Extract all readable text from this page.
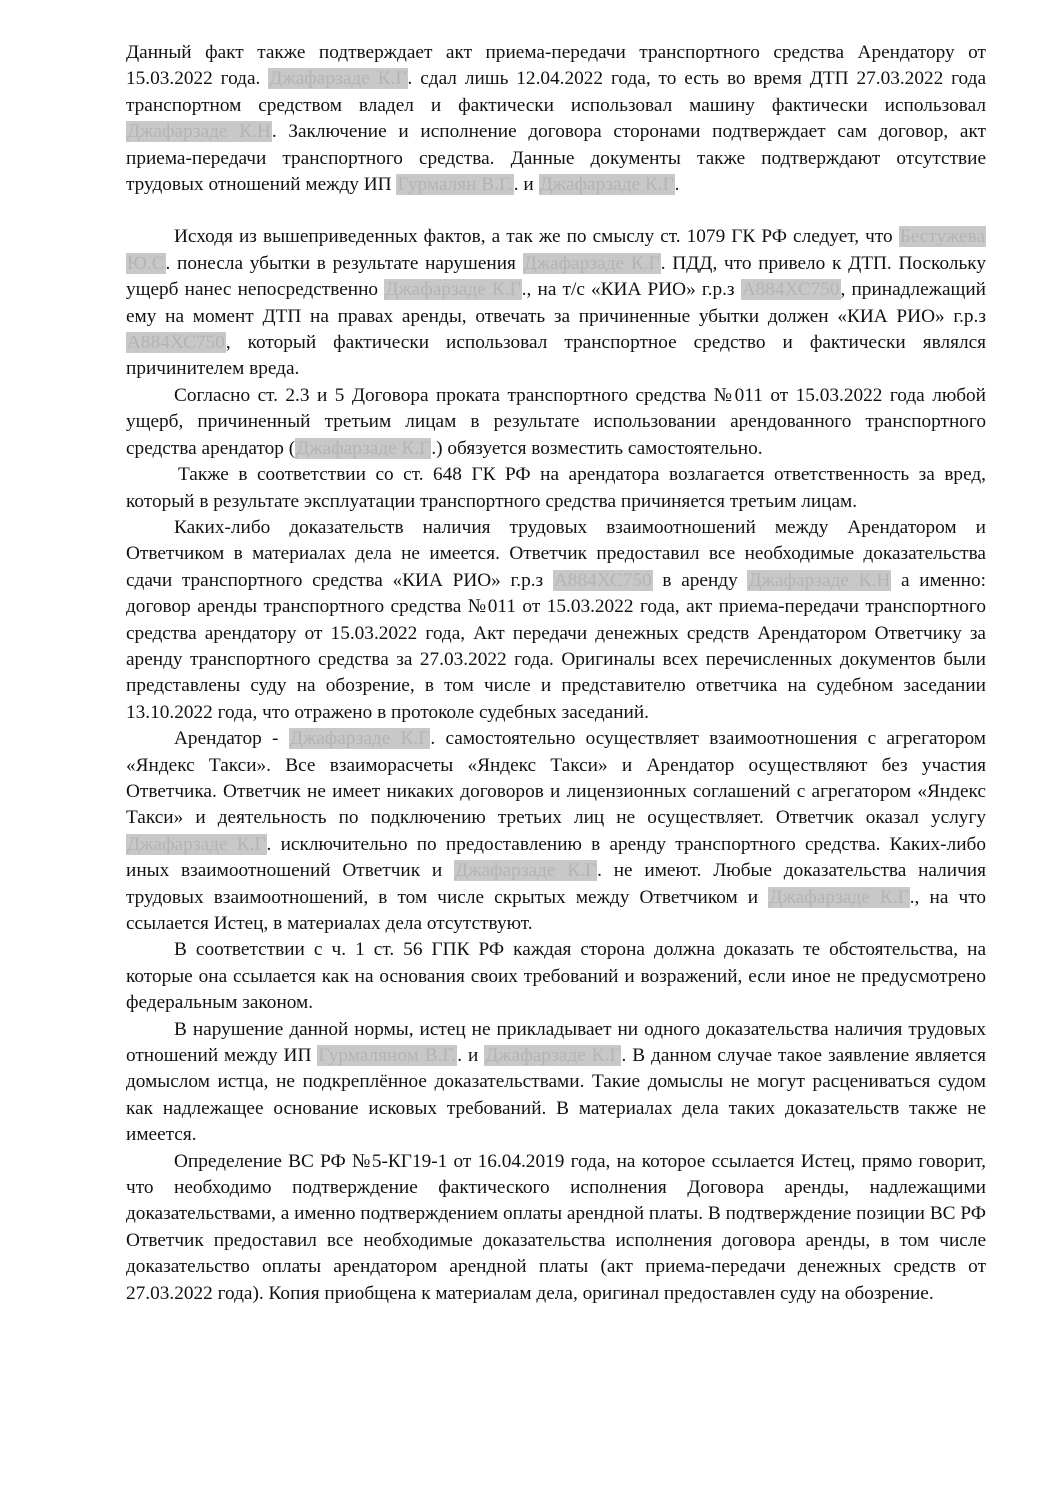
Данный факт также подтверждает акт приема-передачи транспортного средства Арендатору от 15.03.2022 года. Джафарзаде К.Г. сдал лишь 12.04.2022 года, то есть во время ДТП 27.03.2022 года транспортном средством владел и фактически использовал машину фактически использовал Джафарзаде К.Н. Заключение и исполнение договора сторонами подтверждает сам договор, акт приема-передачи транспортного средства. Данные документы также подтверждают отсутствие трудовых отношений между ИП Гурмалян В.Г.. и Джафарзаде К.Г.

Исходя из вышеприведенных фактов, а так же по смыслу ст. 1079 ГК РФ следует, что Бестужева Ю.С. понесла убытки в результате нарушения Джафарзаде К.Г. ПДД, что привело к ДТП. Поскольку ущерб нанес непосредственно Джафарзаде К.Г., на т/с «КИА РИО» г.р.з А884ХС750, принадлежащий ему на момент ДТП на правах аренды, отвечать за причиненные убытки должен «КИА РИО» г.р.з А884ХС750, который фактически использовал транспортное средство и фактически являлся причинителем вреда.

Согласно ст. 2.3 и 5 Договора проката транспортного средства №011 от 15.03.2022 года любой ущерб, причиненный третьим лицам в результате использовании арендованного транспортного средства арендатор (Джафарзаде К.Г.) обязуется возместить самостоятельно.

Также в соответствии со ст. 648 ГК РФ на арендатора возлагается ответственность за вред, который в результате эксплуатации транспортного средства причиняется третьим лицам.

Каких-либо доказательств наличия трудовых взаимоотношений между Арендатором и Ответчиком в материалах дела не имеется. Ответчик предоставил все необходимые доказательства сдачи транспортного средства «КИА РИО» г.р.з А884ХС750 в аренду Джафарзаде К.Н а именно: договор аренды транспортного средства №011 от 15.03.2022 года, акт приема-передачи транспортного средства арендатору от 15.03.2022 года, Акт передачи денежных средств Арендатором Ответчику за аренду транспортного средства за 27.03.2022 года. Оригиналы всех перечисленных документов были представлены суду на обозрение, в том числе и представителю ответчика на судебном заседании 13.10.2022 года, что отражено в протоколе судебных заседаний.

Арендатор - Джафарзаде К.Г. самостоятельно осуществляет взаимоотношения с агрегатором «Яндекс Такси». Все взаиморасчеты «Яндекс Такси» и Арендатор осуществляют без участия Ответчика. Ответчик не имеет никаких договоров и лицензионных соглашений с агрегатором «Яндекс Такси» и деятельность по подключению третьих лиц не осуществляет. Ответчик оказал услугу Джафарзаде К.Г. исключительно по предоставлению в аренду транспортного средства. Каких-либо иных взаимоотношений Ответчик и Джафарзаде К.Г. не имеют. Любые доказательства наличия трудовых взаимоотношений, в том числе скрытых между Ответчиком и Джафарзаде К.Г., на что ссылается Истец, в материалах дела отсутствуют.

В соответствии с ч. 1 ст. 56 ГПК РФ каждая сторона должна доказать те обстоятельства, на которые она ссылается как на основания своих требований и возражений, если иное не предусмотрено федеральным законом.

В нарушение данной нормы, истец не прикладывает ни одного доказательства наличия трудовых отношений между ИП Гурмаляном В.Г.. и Джафарзаде К.Г. В данном случае такое заявление является домыслом истца, не подкреплённое доказательствами. Такие домыслы не могут расцениваться судом как надлежащее основание исковых требований. В материалах дела таких доказательств также не имеется.

Определение ВС РФ №5-КГ19-1 от 16.04.2019 года, на которое ссылается Истец, прямо говорит, что необходимо подтверждение фактического исполнения Договора аренды, надлежащими доказательствами, а именно подтверждением оплаты арендной платы. В подтверждение позиции ВС РФ Ответчик предоставил все необходимые доказательства исполнения договора аренды, в том числе доказательство оплаты арендатором арендной платы (акт приема-передачи денежных средств от 27.03.2022 года). Копия приобщена к материалам дела, оригинал предоставлен суду на обозрение.
